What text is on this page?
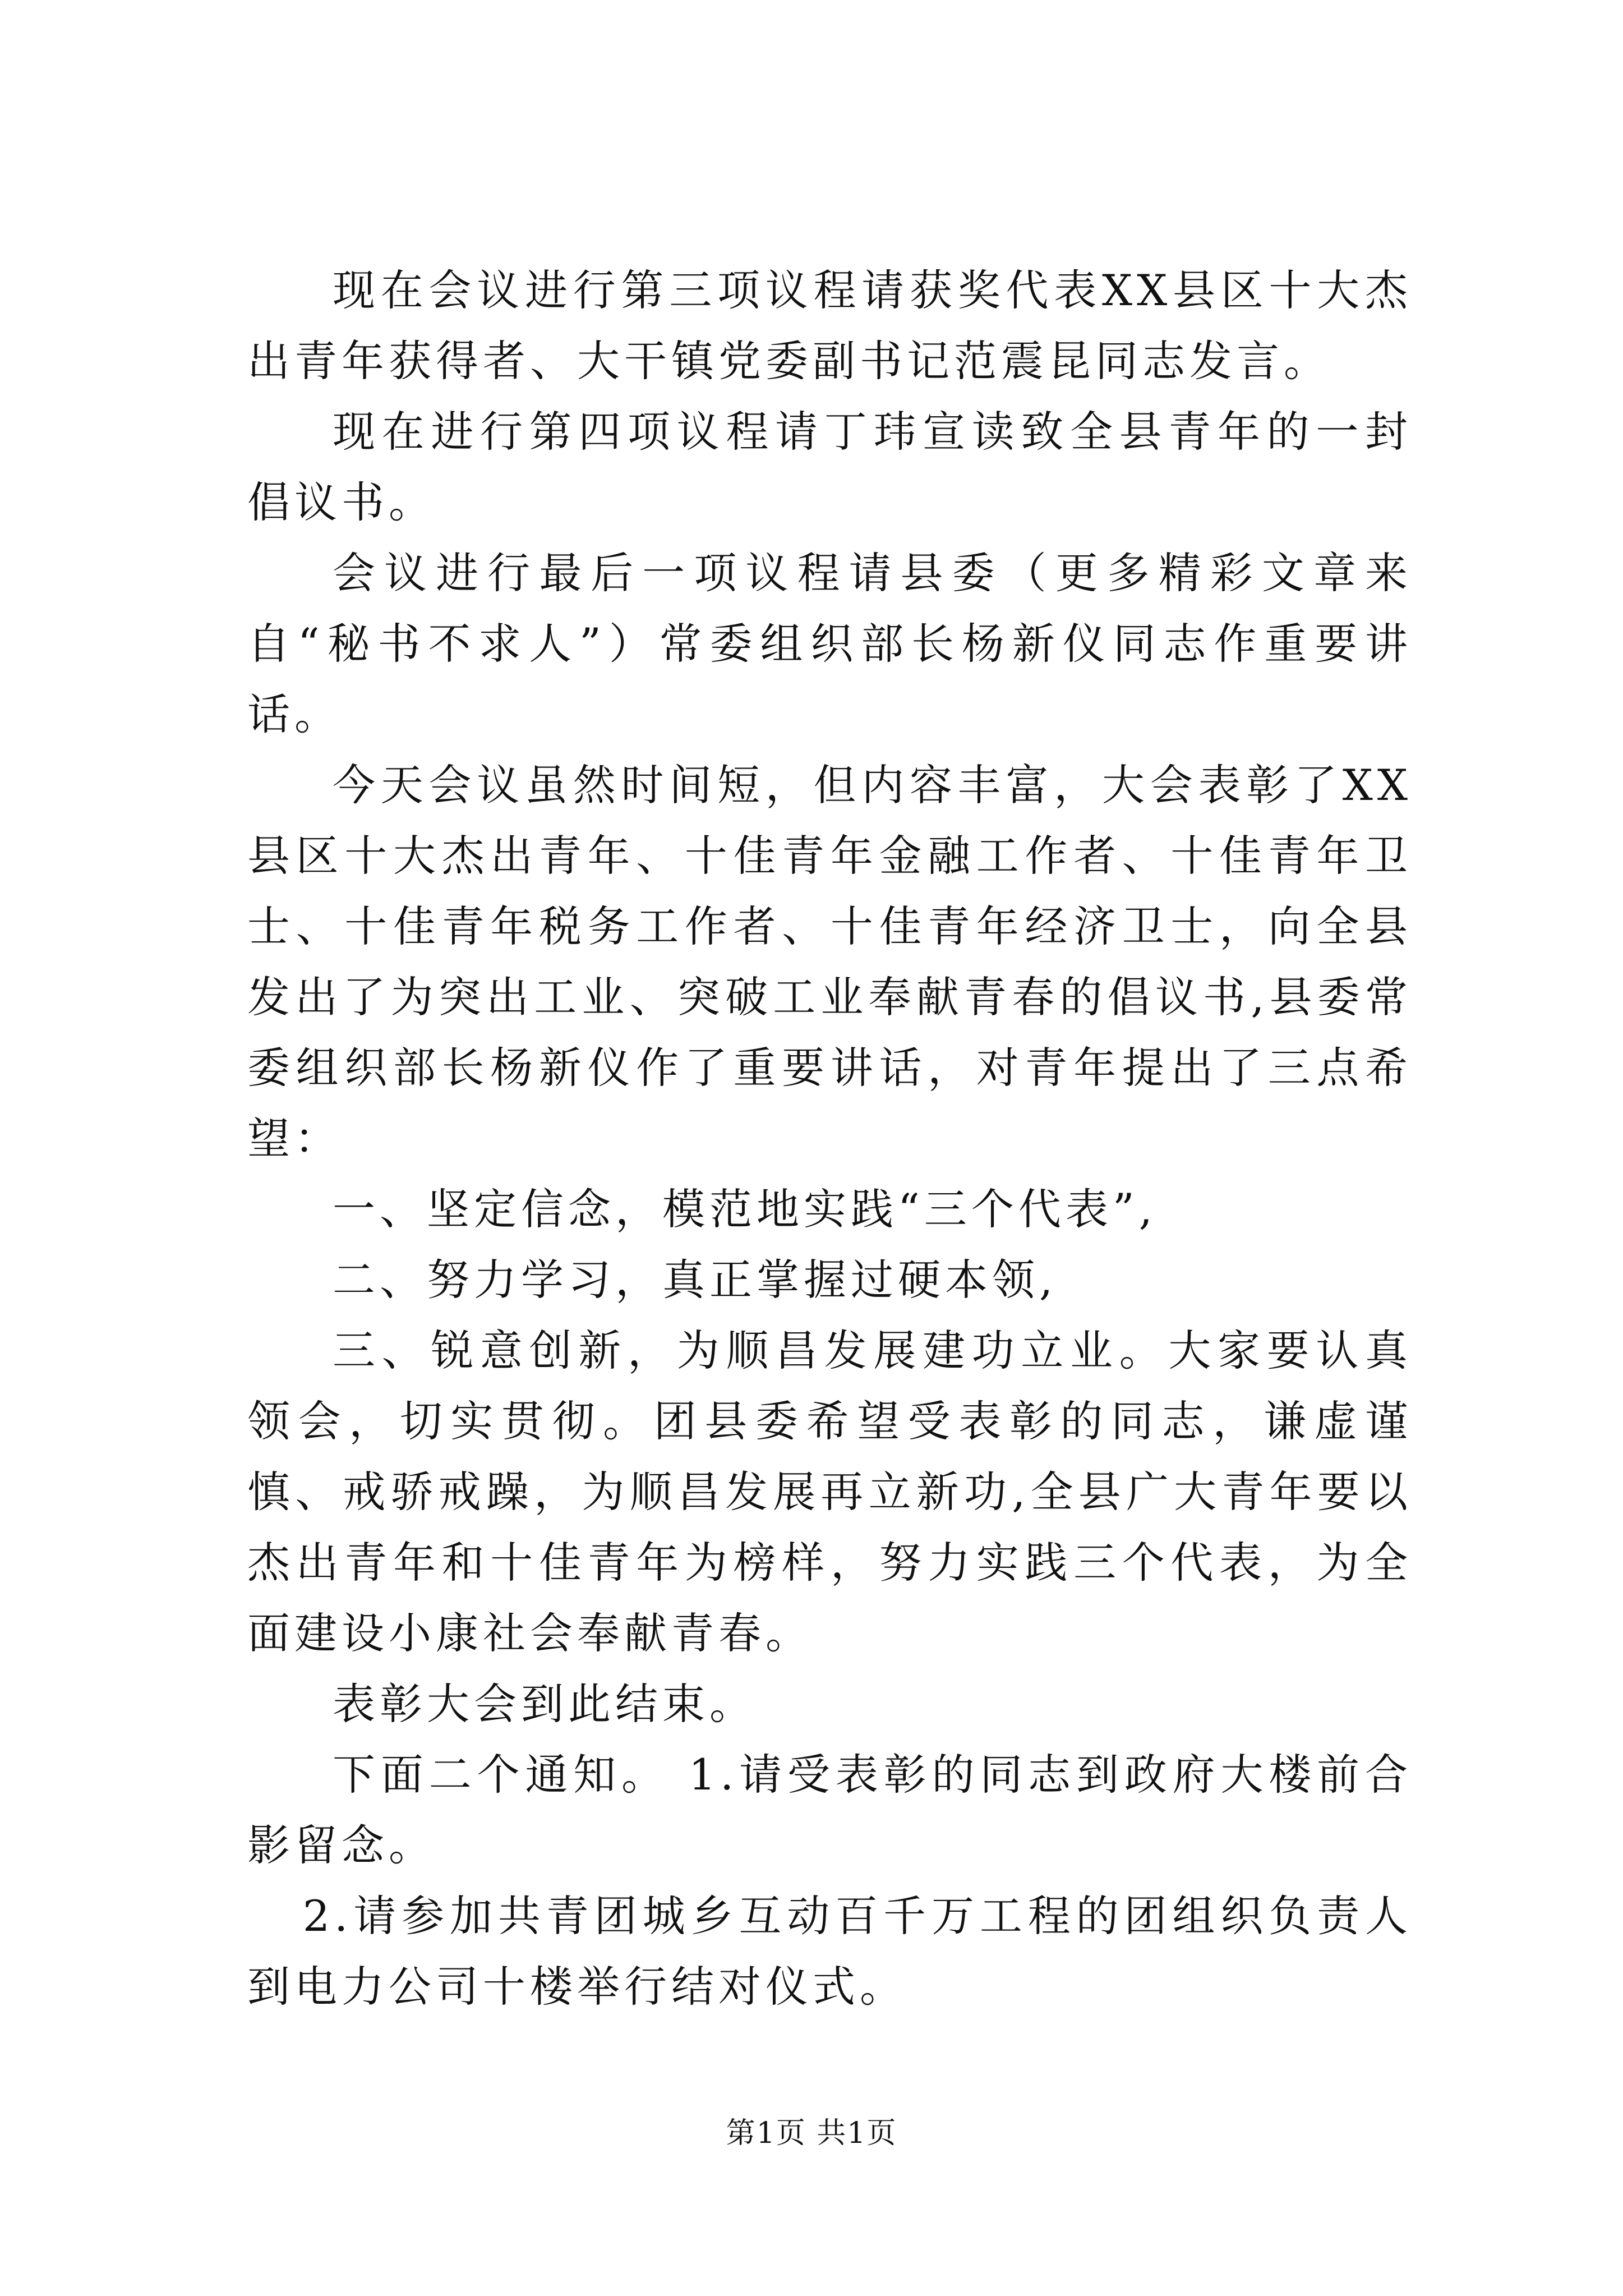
现在会议进行第三项议程请获奖代表XX县区十大杰出青年获得者、大干镇党委副书记范震昆同志发言。

现在进行第四项议程请丁玮宣读致全县青年的一封倡议书。

会议进行最后一项议程请县委（更多精彩文章来自“秘书不求人”）常委组织部长杨新仪同志作重要讲话。

今天会议虽然时间短，但内容丰富，大会表彰了XX县区十大杰出青年、十佳青年金融工作者、十佳青年卫士、十佳青年税务工作者、十佳青年经济卫士，向全县发出了为突出工业、突破工业奉献青春的倡议书,县委常委组织部长杨新仪作了重要讲话，对青年提出了三点希望：

一、坚定信念，模范地实践“三个代表”,

二、努力学习，真正掌握过硬本领,

三、锐意创新，为顺昌发展建功立业。大家要认真领会，切实贯彻。团县委希望受表彰的同志，谦虚谨慎、戒骄戒躁，为顺昌发展再立新功,全县广大青年要以杰出青年和十佳青年为榜样，努力实践三个代表，为全面建设小康社会奉献青春。

表彰大会到此结束。

下面二个通知。 1.请受表彰的同志到政府大楼前合影留念。

2.请参加共青团城乡互动百千万工程的团组织负责人到电力公司十楼举行结对仪式。

第1页 共1页
